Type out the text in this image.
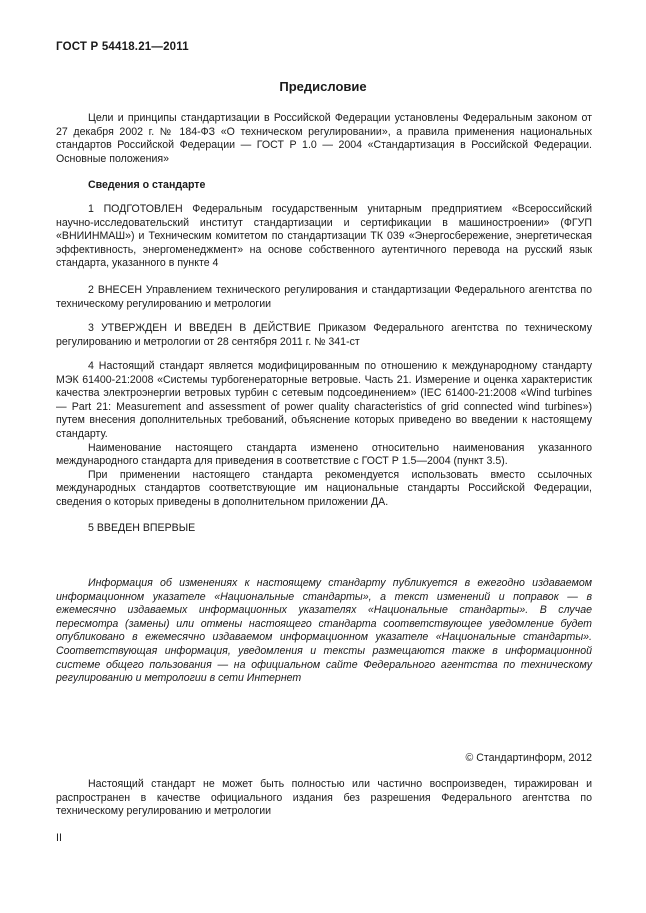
ГОСТ Р 54418.21—2011
Предисловие

Цели и принципы стандартизации в Российской Федерации установлены Федеральным законом от 27 декабря 2002 г. № 184-ФЗ «О техническом регулировании», а правила применения национальных стандартов Российской Федерации — ГОСТ Р 1.0 — 2004 «Стандартизация в Российской Федерации. Основные положения»

Сведения о стандарте

1 ПОДГОТОВЛЕН Федеральным государственным унитарным предприятием «Всероссийский научно-исследовательский институт стандартизации и сертификации в машиностроении» (ФГУП «ВНИИНМАШ») и Техническим комитетом по стандартизации ТК 039 «Энергосбережение, энергетическая эффективность, энергоменеджмент» на основе собственного аутентичного перевода на русский язык стандарта, указанного в пункте 4

2 ВНЕСЕН Управлением технического регулирования и стандартизации Федерального агентства по техническому регулированию и метрологии

3 УТВЕРЖДЕН И ВВЕДЕН В ДЕЙСТВИЕ Приказом Федерального агентства по техническому регулированию и метрологии от 28 сентября 2011 г. № 341-ст

4 Настоящий стандарт является модифицированным по отношению к международному стандарту МЭК 61400-21:2008 «Системы турбогенераторные ветровые. Часть 21. Измерение и оценка характеристик качества электроэнергии ветровых турбин с сетевым подсоединением» (IEC 61400-21:2008 «Wind turbines — Part 21: Measurement and assessment of power quality characteristics of grid connected wind turbines») путем внесения дополнительных требований, объяснение которых приведено во введении к настоящему стандарту.

Наименование настоящего стандарта изменено относительно наименования указанного международного стандарта для приведения в соответствие с ГОСТ Р 1.5—2004 (пункт 3.5).

При применении настоящего стандарта рекомендуется использовать вместо ссылочных международных стандартов соответствующие им национальные стандарты Российской Федерации, сведения о которых приведены в дополнительном приложении ДА.

5 ВВЕДЕН ВПЕРВЫЕ

Информация об изменениях к настоящему стандарту публикуется в ежегодно издаваемом информационном указателе «Национальные стандарты», а текст изменений и поправок — в ежемесячно издаваемых информационных указателях «Национальные стандарты». В случае пересмотра (замены) или отмены настоящего стандарта соответствующее уведомление будет опубликовано в ежемесячно издаваемом информационном указателе «Национальные стандарты». Соответствующая информация, уведомления и тексты размещаются также в информационной системе общего пользования — на официальном сайте Федерального агентства по техническому регулированию и метрологии в сети Интернет

© Стандартинформ, 2012

Настоящий стандарт не может быть полностью или частично воспроизведен, тиражирован и распространен в качестве официального издания без разрешения Федерального агентства по техническому регулированию и метрологии

II
